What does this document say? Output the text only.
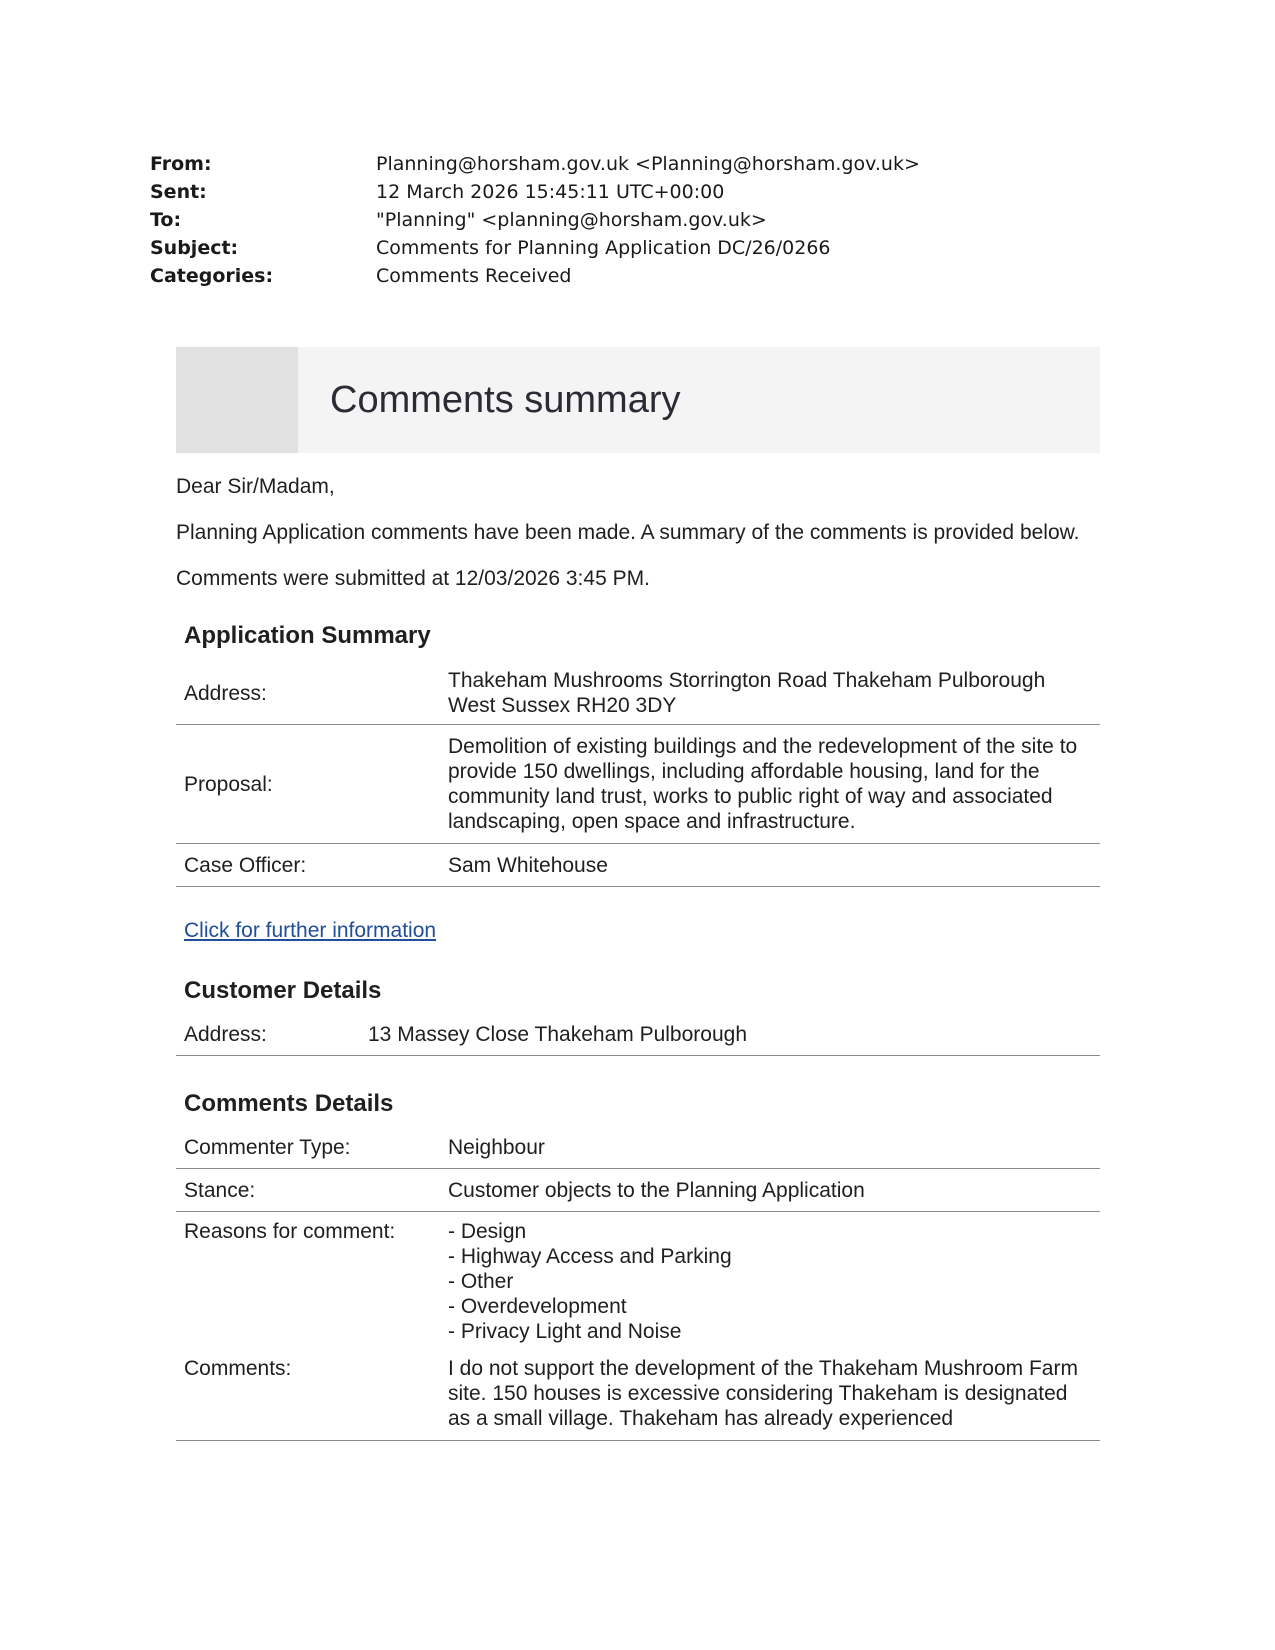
From:	Planning@horsham.gov.uk <Planning@horsham.gov.uk>
Sent:	12 March 2026 15:45:11 UTC+00:00
To:	"Planning" <planning@horsham.gov.uk>
Subject:	Comments for Planning Application DC/26/0266
Categories:	Comments Received
Comments summary

Dear Sir/Madam,

Planning Application comments have been made. A summary of the comments is provided below.

Comments were submitted at 12/03/2026 3:45 PM.

Application Summary
Address:	Thakeham Mushrooms Storrington Road Thakeham Pulborough West Sussex RH20 3DY
Proposal:	Demolition of existing buildings and the redevelopment of the site to provide 150 dwellings, including affordable housing, land for the community land trust, works to public right of way and associated landscaping, open space and infrastructure.
Case Officer:	Sam Whitehouse
Click for further information
Customer Details
Address:	13 Massey Close Thakeham Pulborough
Comments Details
Commenter Type:	Neighbour
Stance:	Customer objects to the Planning Application
Reasons for comment:	- Design
- Highway Access and Parking
- Other
- Overdevelopment
- Privacy Light and Noise

Comments:	I do not support the development of the Thakeham Mushroom Farm site. 150 houses is excessive considering Thakeham is designated as a small village. Thakeham has already experienced
